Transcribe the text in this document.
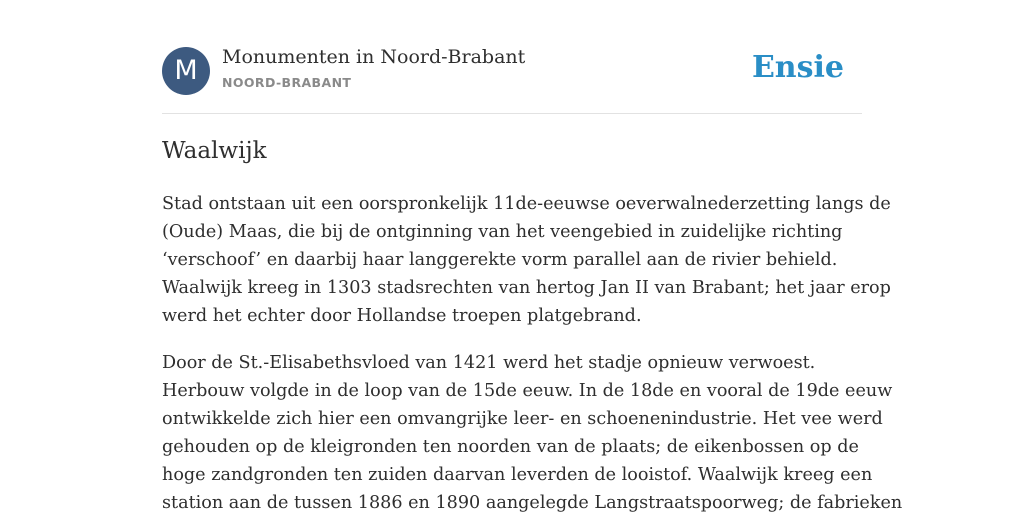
M	Monumenten in Noord-Brabant
NOORD-BRABANT	Ensie
Waalwijk

Stad ontstaan uit een oorspronkelijk 11de-eeuwse oeverwalnederzetting langs de
(Oude) Maas, die bij de ontginning van het veengebied in zuidelijke richting
‘verschoof’ en daarbij haar langgerekte vorm parallel aan de rivier behield.
Waalwijk kreeg in 1303 stadsrechten van hertog Jan II van Brabant; het jaar erop
werd het echter door Hollandse troepen platgebrand.

Door de St.-Elisabethsvloed van 1421 werd het stadje opnieuw verwoest.
Herbouw volgde in de loop van de 15de eeuw. In de 18de en vooral de 19de eeuw
ontwikkelde zich hier een omvangrijke leer- en schoenenindustrie. Het vee werd
gehouden op de kleigronden ten noorden van de plaats; de eikenbossen op de
hoge zandgronden ten zuiden daarvan leverden de looistof. Waalwijk kreeg een
station aan de tussen 1886 en 1890 aangelegde Langstraatspoorweg; de fabrieken
